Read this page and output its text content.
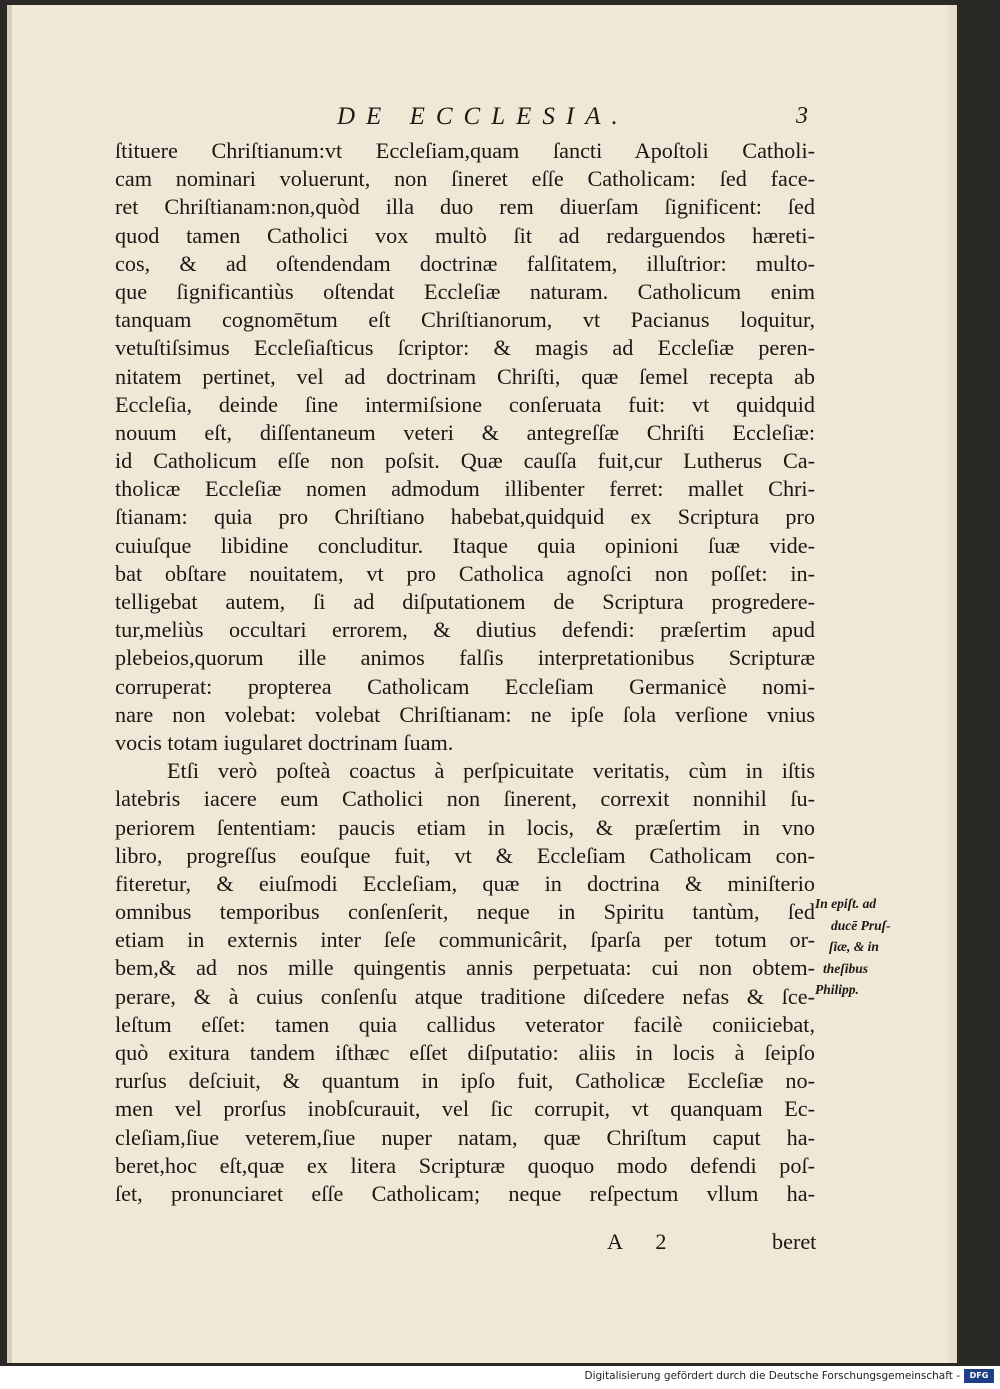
DE ECCLESIA.	3
ſtituere Chriſtianum:vt Eccleſiam,quam ſancti Apoſtoli Catholi-
cam nominari voluerunt, non ſineret eſſe Catholicam: ſed face-
ret Chriſtianam:non,quòd illa duo rem diuerſam ſignificent: ſed
quod tamen Catholici vox multò ſit ad redarguendos hæreti-
cos, & ad oſtendendam doctrinæ falſitatem, illuſtrior: multo-
que ſignificantiùs oſtendat Eccleſiæ naturam. Catholicum enim
tanquam cognomētum eſt Chriſtianorum, vt Pacianus loquitur,
vetuſtiſsimus Eccleſiaſticus ſcriptor: & magis ad Eccleſiæ peren-
nitatem pertinet, vel ad doctrinam Chriſti, quæ ſemel recepta ab
Eccleſia, deinde ſine intermiſsione conſeruata fuit: vt quidquid
nouum eſt, diſſentaneum veteri & antegreſſæ Chriſti Eccleſiæ:
id Catholicum eſſe non poſsit. Quæ cauſſa fuit,cur Lutherus Ca-
tholicæ Eccleſiæ nomen admodum illibenter ferret: mallet Chri-
ſtianam: quia pro Chriſtiano habebat,quidquid ex Scriptura pro
cuiuſque libidine concluditur. Itaque quia opinioni ſuæ vide-
bat obſtare nouitatem, vt pro Catholica agnoſci non poſſet: in-
telligebat autem, ſi ad diſputationem de Scriptura progredere-
tur,meliùs occultari errorem, & diutius defendi: præſertim apud
plebeios,quorum ille animos falſis interpretationibus Scripturæ
corruperat: propterea Catholicam Eccleſiam Germanicè nomi-
nare non volebat: volebat Chriſtianam: ne ipſe ſola verſione vnius
vocis totam iugularet doctrinam ſuam.
Etſi verò poſteà coactus à perſpicuitate veritatis, cùm in iſtis
latebris iacere eum Catholici non ſinerent, correxit nonnihil ſu-
periorem ſententiam: paucis etiam in locis, & præſertim in vno
libro, progreſſus eouſque fuit, vt & Eccleſiam Catholicam con-
fiteretur, & eiuſmodi Eccleſiam, quæ in doctrina & miniſterio
omnibus temporibus conſenſerit, neque in Spiritu tantùm, ſed
etiam in externis inter ſeſe communicârit, ſparſa per totum or-
bem,& ad nos mille quingentis annis perpetuata: cui non obtem-
perare, & à cuius conſenſu atque traditione diſcedere nefas & ſce-
leſtum eſſet: tamen quia callidus veterator facilè coniiciebat,
quò exitura tandem iſthæc eſſet diſputatio: aliis in locis à ſeipſo
rurſus deſciuit, & quantum in ipſo fuit, Catholicæ Eccleſiæ no-
men vel prorſus inobſcurauit, vel ſic corrupit, vt quanquam Ec-
cleſiam,ſiue veterem,ſiue nuper natam, quæ Chriſtum caput ha-
beret,hoc eſt,quæ ex litera Scripturæ quoquo modo defendi poſ-
ſet, pronunciaret eſſe Catholicam; neque reſpectum vllum ha-
In epiſt. ad
ducē Pruſ-
ſiæ, & in
theſibus
Philipp.
A 2	beret
Digitalisierung gefördert durch die Deutsche Forschungsgemeinschaft -	DFG
